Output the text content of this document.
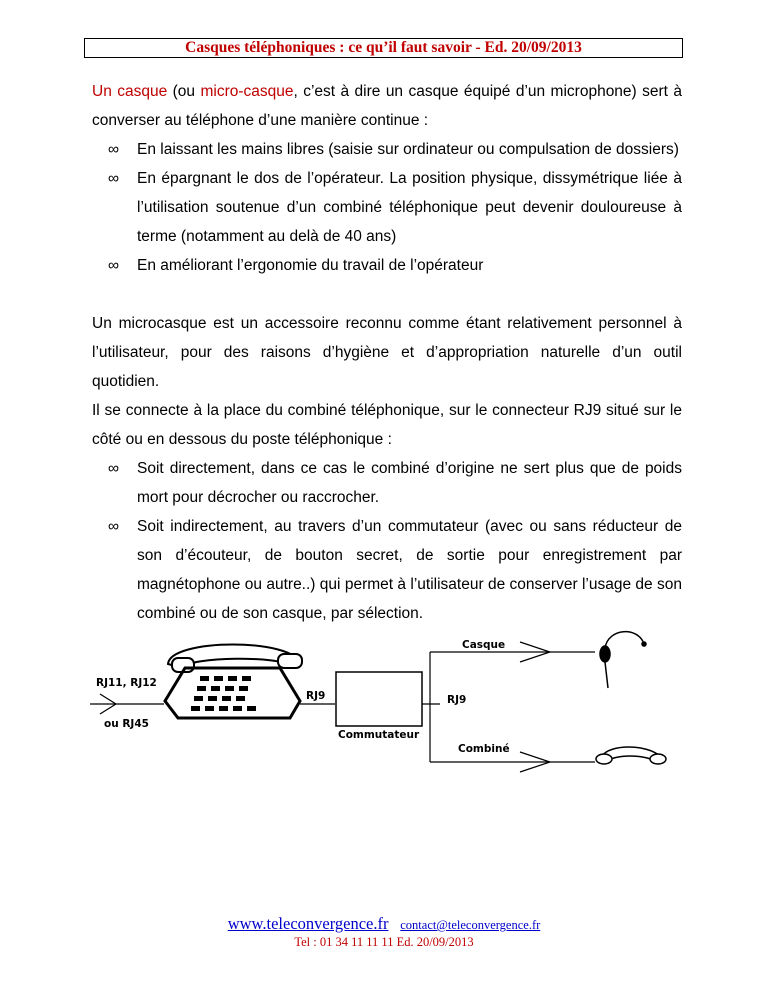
Casques téléphoniques : ce qu’il faut savoir - Ed. 20/09/2013

Un casque (ou micro-casque, c’est à dire un casque équipé d’un microphone) sert à converser au téléphone d’une manière continue :

∞ En laissant les mains libres (saisie sur ordinateur ou compulsation de dossiers)

∞ En épargnant le dos de l’opérateur. La position physique, dissymétrique liée à l’utilisation soutenue d’un combiné téléphonique peut devenir douloureuse à terme (notamment au delà de 40 ans)

∞ En améliorant l’ergonomie du travail de l’opérateur

Un microcasque est un accessoire reconnu comme étant relativement personnel à l’utilisateur, pour des raisons d’hygiène et d’appropriation naturelle d’un outil quotidien.

Il se connecte à la place du combiné téléphonique, sur le connecteur RJ9 situé sur le côté ou en dessous du poste téléphonique :

∞ Soit directement, dans ce cas le combiné d’origine ne sert plus que de poids mort pour décrocher ou raccrocher.

∞ Soit indirectement, au travers d’un commutateur (avec ou sans réducteur de son d’écouteur, de bouton secret, de sortie pour enregistrement par magnétophone ou autre..) qui permet à l’utilisateur de conserver l’usage de son combiné ou de son casque, par sélection.

RJ11, RJ12
ou RJ45
RJ9
Commutateur
Casque
RJ9
Combiné
www.teleconvergence.fr contact@teleconvergence.fr
Tel : 01 34 11 11 11 Ed. 20/09/2013
